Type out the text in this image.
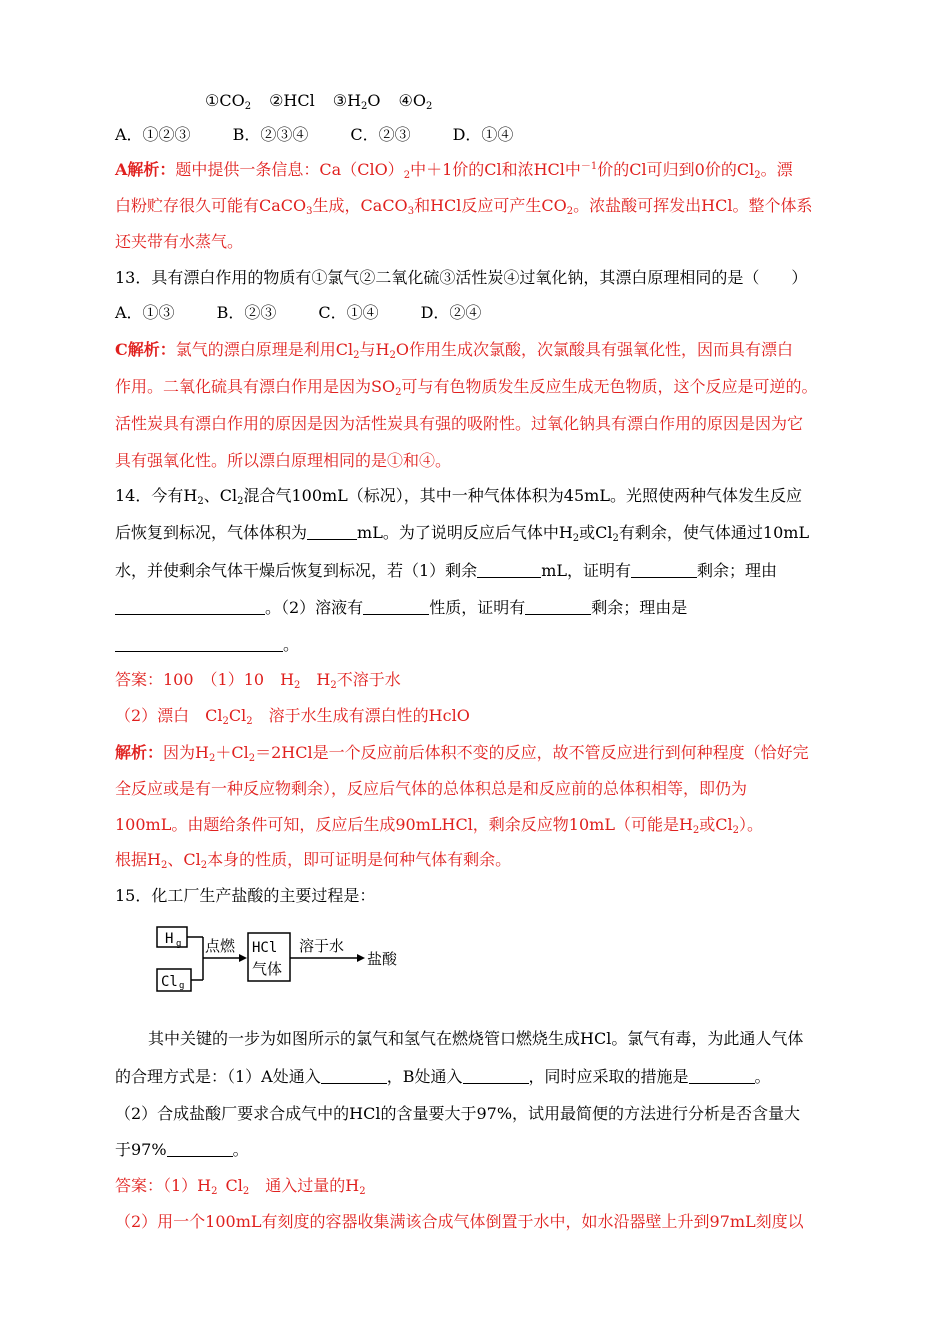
$①CO_2$ ②HCl $③H_2O$ $④O_2$
A．①②③	B．②③④	C．②③	D．①④
A解析：题中提供一条信息：$Ca(ClO)_2$中＋1价的Cl和浓HCl中$^{-1}$价的Cl可归到0价的$Cl_2$。漂
白粉贮存很久可能有CaCO$_3$生成，CaCO$_3$和HCl反应可产生$CO_2$。浓盐酸可挥发出HCl。整个体系
还夹带有水蒸气。
13．具有漂白作用的物质有①氯气②二氧化硫③活性炭④过氧化钠，其漂白原理相同的是（　　）
A．①③	B．②③	C．①④	D．②④
C解析：氯气的漂白原理是利用$Cl_2$与$H_2O$作用生成次氯酸，次氯酸具有强氧化性，因而具有漂白
作用。二氧化硫具有漂白作用是因为$SO_2$可与有色物质发生反应生成无色物质，这个反应是可逆的。
活性炭具有漂白作用的原因是因为活性炭具有强的吸附性。过氧化钠具有漂白作用的原因是因为它
具有强氧化性。所以漂白原理相同的是①和④。
14．今有$H_2$、$Cl_2$混合气100mL（标况），其中一种气体体积为45mL。光照使两种气体发生反应
后恢复到标况，气体体积为	mL。为了说明反应后气体中$H_2$或$Cl_2$有剩余，使气体通过10mL
水，并使剩余气体干燥后恢复到标况，若（1）剩余	mL，证明有	剩余；理由
。（2）溶液有	性质，证明有	剩余；理由是
。
答案：100　（1）10　$H_2$　$H_2$不溶于水
（2）漂白　$Cl_2Cl_2$　溶于水生成有漂白性的HclO
解析：因为$H_2+Cl_2=2HCl$是一个反应前后体积不变的反应，故不管反应进行到何种程度（恰好完
全反应或是有一种反应物剩余），反应后气体的总体积总是和反应前的总体积相等，即仍为
100mL。由题给条件可知，反应后生成90mLHCl，剩余反应物10mL（可能是$H_2$或$Cl_2$）。
根据$H_2$、$Cl_2$本身的性质，即可证明是何种气体有剩余。
15．化工厂生产盐酸的主要过程是：
H g
Cl g
点燃 HCl
气体
溶于水
盐酸
其中关键的一步为如图所示的氯气和氢气在燃烧管口燃烧生成HCl。氯气有毒，为此通人气体
的合理方式是：（1）A处通入	，B处通入	，同时应采取的措施是	。
（2）合成盐酸厂要求合成气中的HCl的含量要大于97%，试用最简便的方法进行分析是否含量大
于97%	。
答案：$(1)H_2$ $Cl_2$　通入过量的$H_2$
（2）用一个100mL有刻度的容器收集满该合成气体倒置于水中，如水沿器壁上升到97mL刻度以
